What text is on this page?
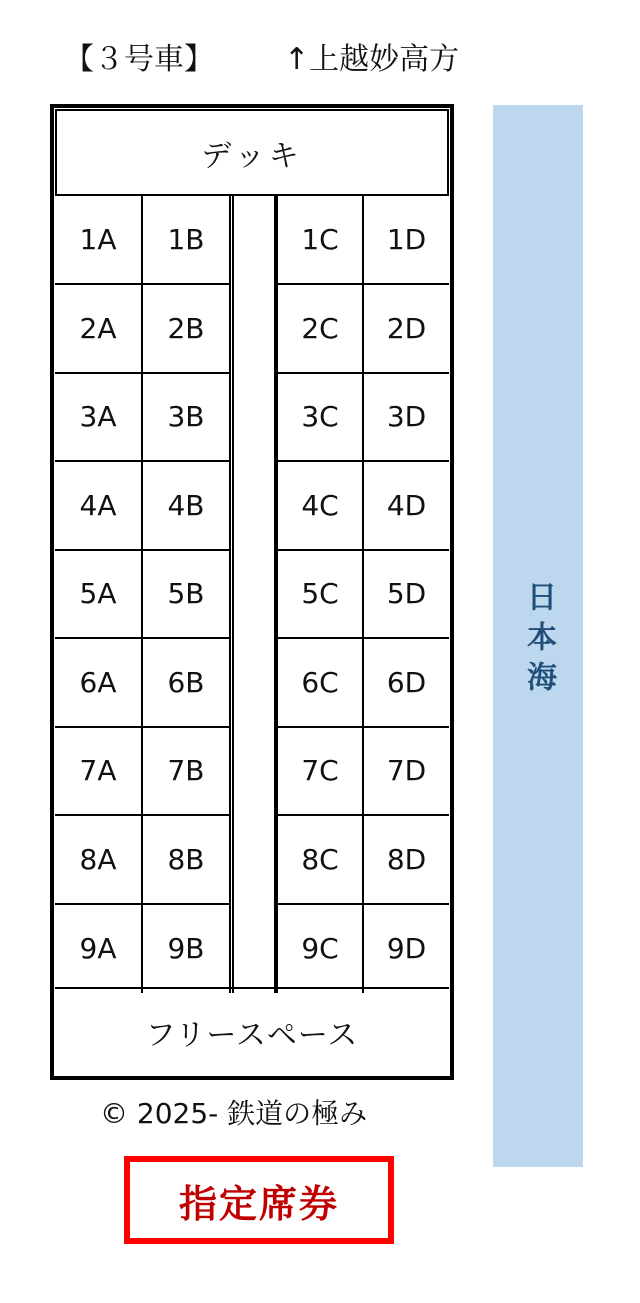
【３号車】 ↑上越妙高方
デッキ
1A	1B	1C	1D
2A	2B	2C	2D
3A	3B	3C	3D
4A	4B	4C	4D
5A	5B	5C	5D
6A	6B	6C	6D
7A	7B	7C	7D
8A	8B	8C	8D
9A	9B	9C	9D
フリースペース
日本海
© 2025- 鉄道の極み
指定席券
